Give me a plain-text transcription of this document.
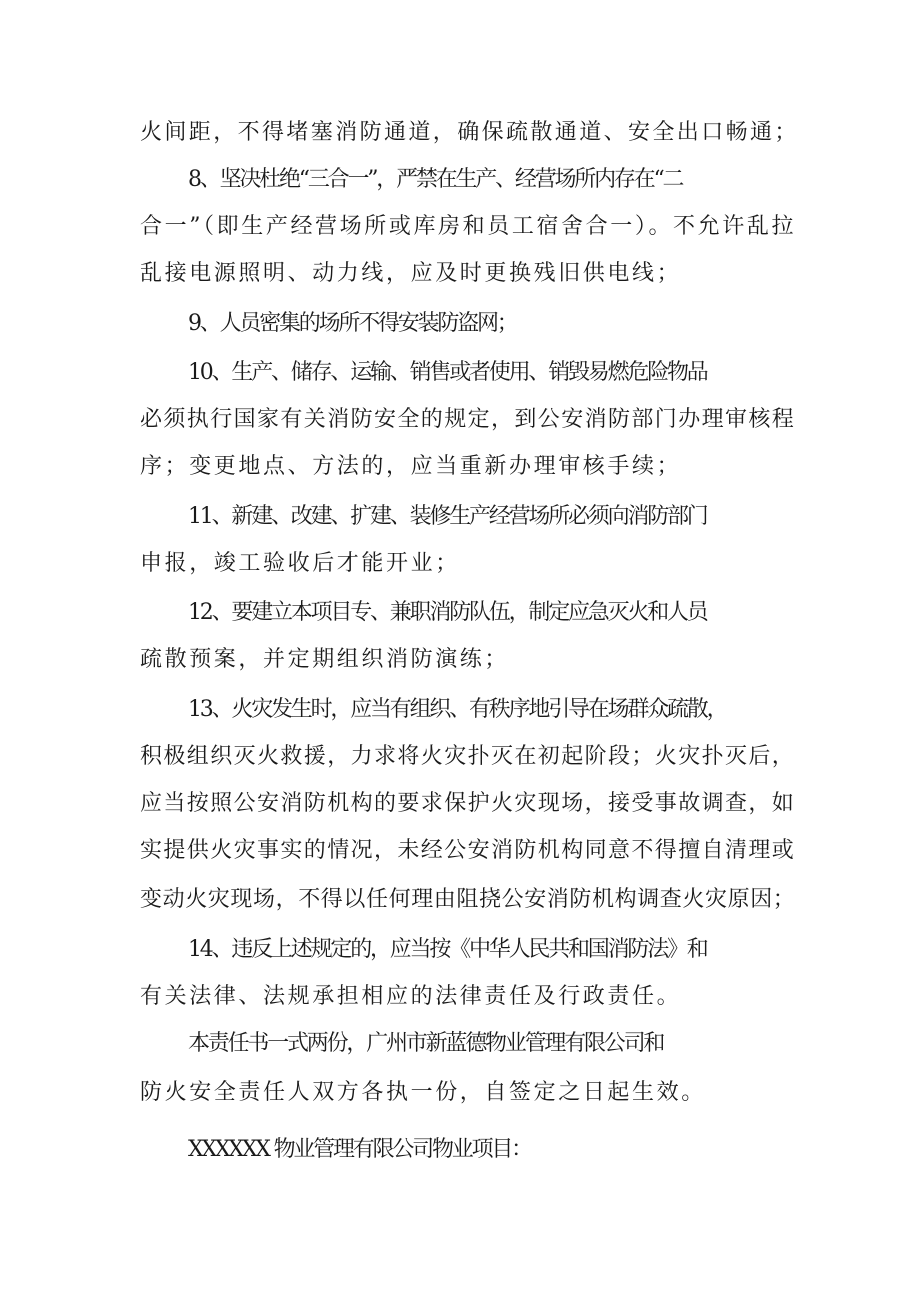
火间距，不得堵塞消防通道，确保疏散通道、安全出口畅通；
8、坚决杜绝“三合一”，严禁在生产、经营场所内存在“二
合一”（即生产经营场所或库房和员工宿舍合一）。不允许乱拉
乱接电源照明、动力线，应及时更换残旧供电线；
9、人员密集的场所不得安装防盗网；
10、生产、储存、运输、销售或者使用、销毁易燃危险物品
必须执行国家有关消防安全的规定，到公安消防部门办理审核程
序；变更地点、方法的，应当重新办理审核手续；
11、新建、改建、扩建、装修生产经营场所必须向消防部门
申报，竣工验收后才能开业；
12、要建立本项目专、兼职消防队伍，制定应急灭火和人员
疏散预案，并定期组织消防演练；
13、火灾发生时，应当有组织、有秩序地引导在场群众疏散，
积极组织灭火救援，力求将火灾扑灭在初起阶段；火灾扑灭后，
应当按照公安消防机构的要求保护火灾现场，接受事故调查，如
实提供火灾事实的情况，未经公安消防机构同意不得擅自清理或
变动火灾现场，不得以任何理由阻挠公安消防机构调查火灾原因；
14、违反上述规定的，应当按《中华人民共和国消防法》和
有关法律、法规承担相应的法律责任及行政责任。
本责任书一式两份，广州市新蓝德物业管理有限公司和
防火安全责任人双方各执一份，自签定之日起生效。
XXXXXX 物业管理有限公司物业项目：
